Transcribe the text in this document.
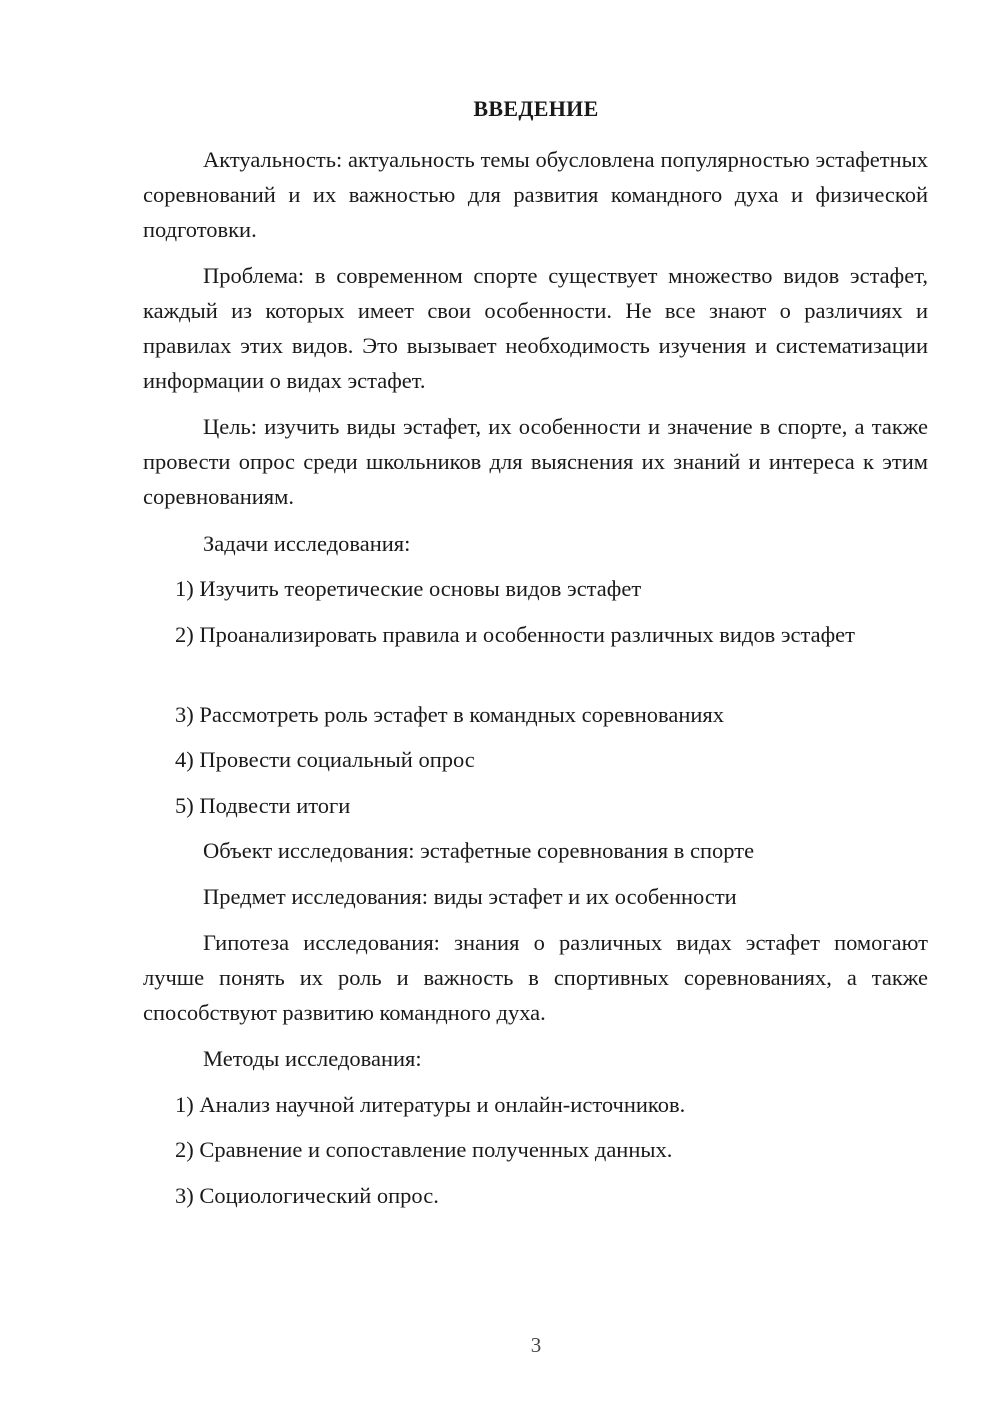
ВВЕДЕНИЕ

Актуальность: актуальность темы обусловлена популярностью эстафетных соревнований и их важностью для развития командного духа и физической подготовки.

Проблема: в современном спорте существует множество видов эстафет, каждый из которых имеет свои особенности. Не все знают о различиях и правилах этих видов. Это вызывает необходимость изучения и систематизации информации о видах эстафет.

Цель: изучить виды эстафет, их особенности и значение в спорте, а также провести опрос среди школьников для выяснения их знаний и интереса к этим соревнованиям.

Задачи исследования:
1) Изучить теоретические основы видов эстафет

2) Проанализировать правила и особенности различных видов эстафет

3) Рассмотреть роль эстафет в командных соревнованиях
4) Провести социальный опрос
5) Подвести итоги
Объект исследования: эстафетные соревнования в спорте
Предмет исследования: виды эстафет и их особенности

Гипотеза исследования: знания о различных видах эстафет помогают лучше понять их роль и важность в спортивных соревнованиях, а также способствуют развитию командного духа.

Методы исследования:
1) Анализ научной литературы и онлайн-источников.
2) Сравнение и сопоставление полученных данных.
3) Социологический опрос.
3
